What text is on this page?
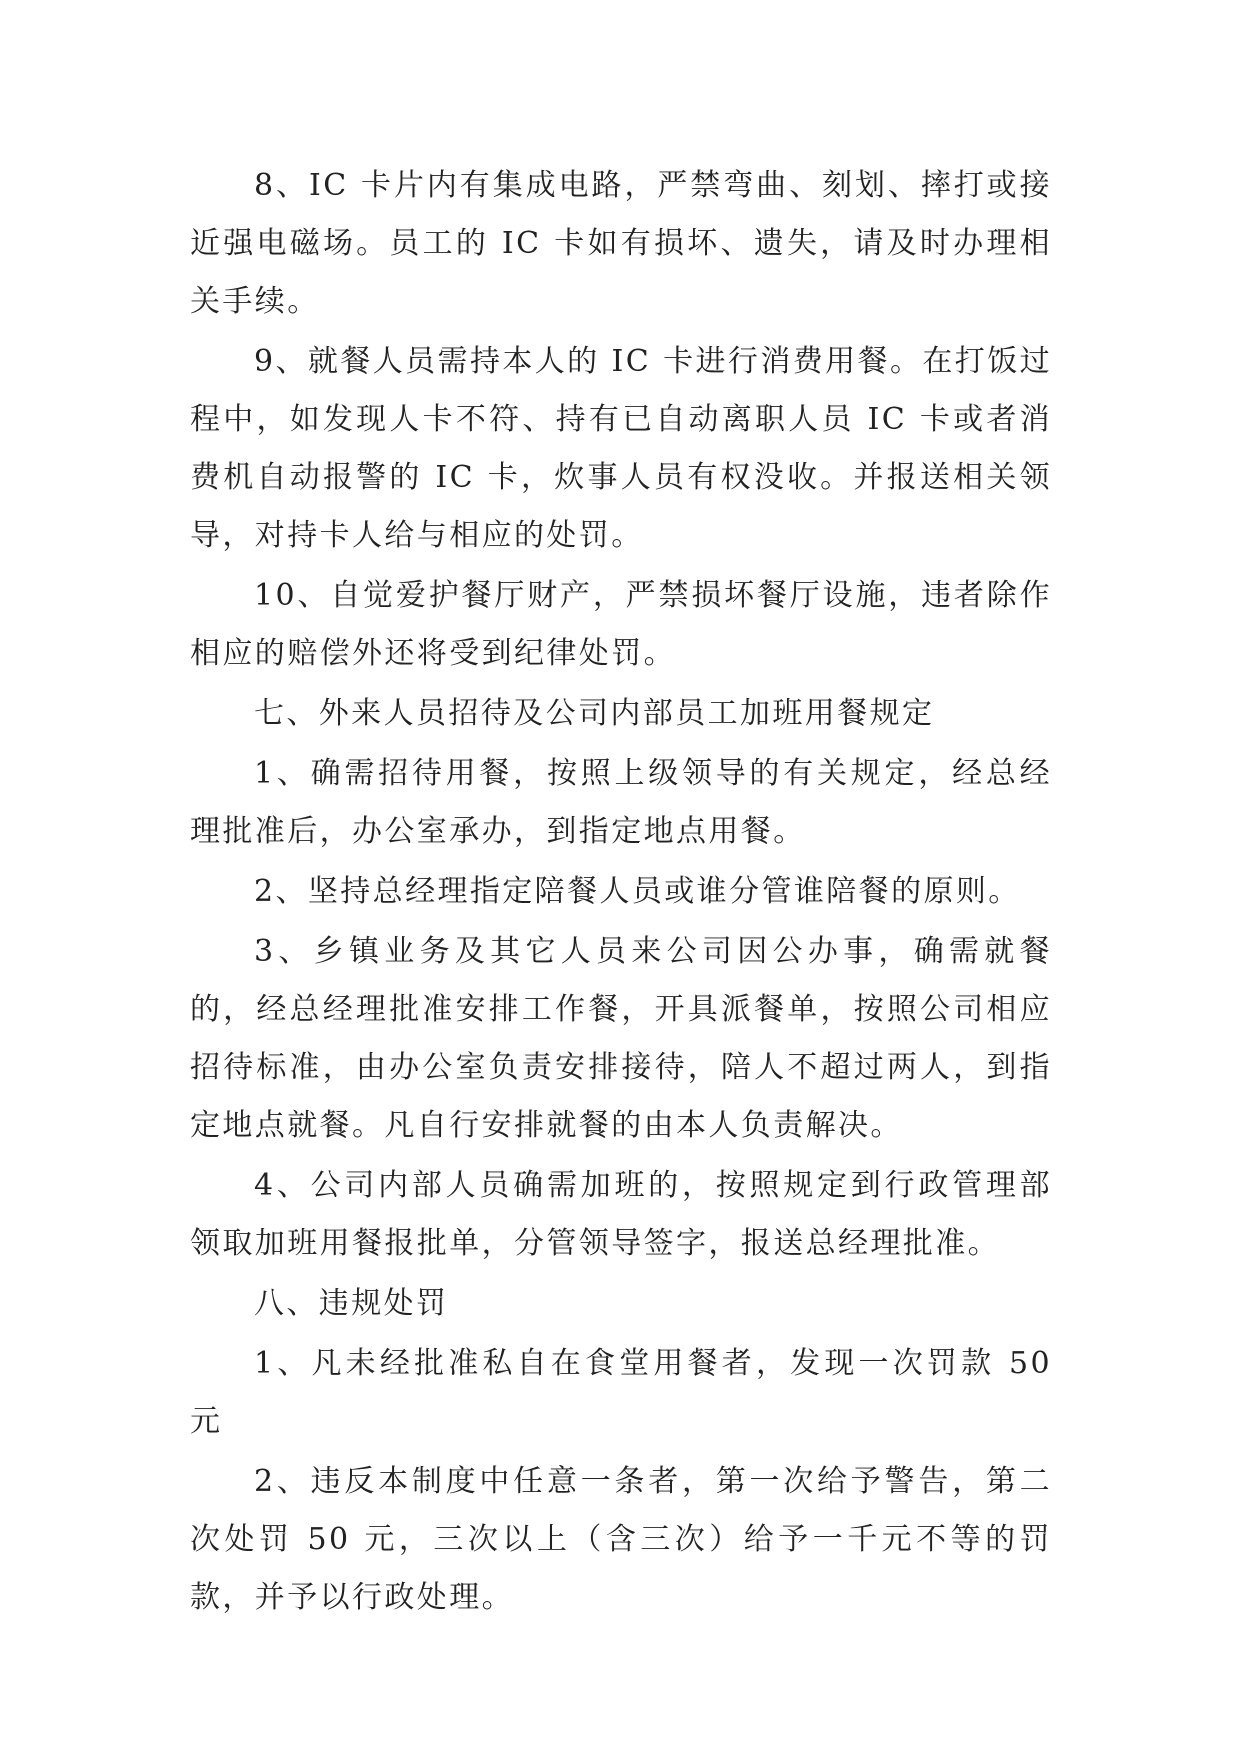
8、IC 卡片内有集成电路，严禁弯曲、刻划、摔打或接近强电磁场。员工的 IC 卡如有损坏、遗失，请及时办理相关手续。

9、就餐人员需持本人的 IC 卡进行消费用餐。在打饭过程中，如发现人卡不符、持有已自动离职人员 IC 卡或者消费机自动报警的 IC 卡，炊事人员有权没收。并报送相关领导，对持卡人给与相应的处罚。

10、自觉爱护餐厅财产，严禁损坏餐厅设施，违者除作相应的赔偿外还将受到纪律处罚。

七、外来人员招待及公司内部员工加班用餐规定

1、确需招待用餐，按照上级领导的有关规定，经总经理批准后，办公室承办，到指定地点用餐。

2、坚持总经理指定陪餐人员或谁分管谁陪餐的原则。

3、乡镇业务及其它人员来公司因公办事，确需就餐的，经总经理批准安排工作餐，开具派餐单，按照公司相应招待标准，由办公室负责安排接待，陪人不超过两人，到指定地点就餐。凡自行安排就餐的由本人负责解决。

4、公司内部人员确需加班的，按照规定到行政管理部领取加班用餐报批单，分管领导签字，报送总经理批准。

八、违规处罚

1、凡未经批准私自在食堂用餐者，发现一次罚款 50 元

2、违反本制度中任意一条者，第一次给予警告，第二次处罚 50 元，三次以上（含三次）给予一千元不等的罚款，并予以行政处理。
